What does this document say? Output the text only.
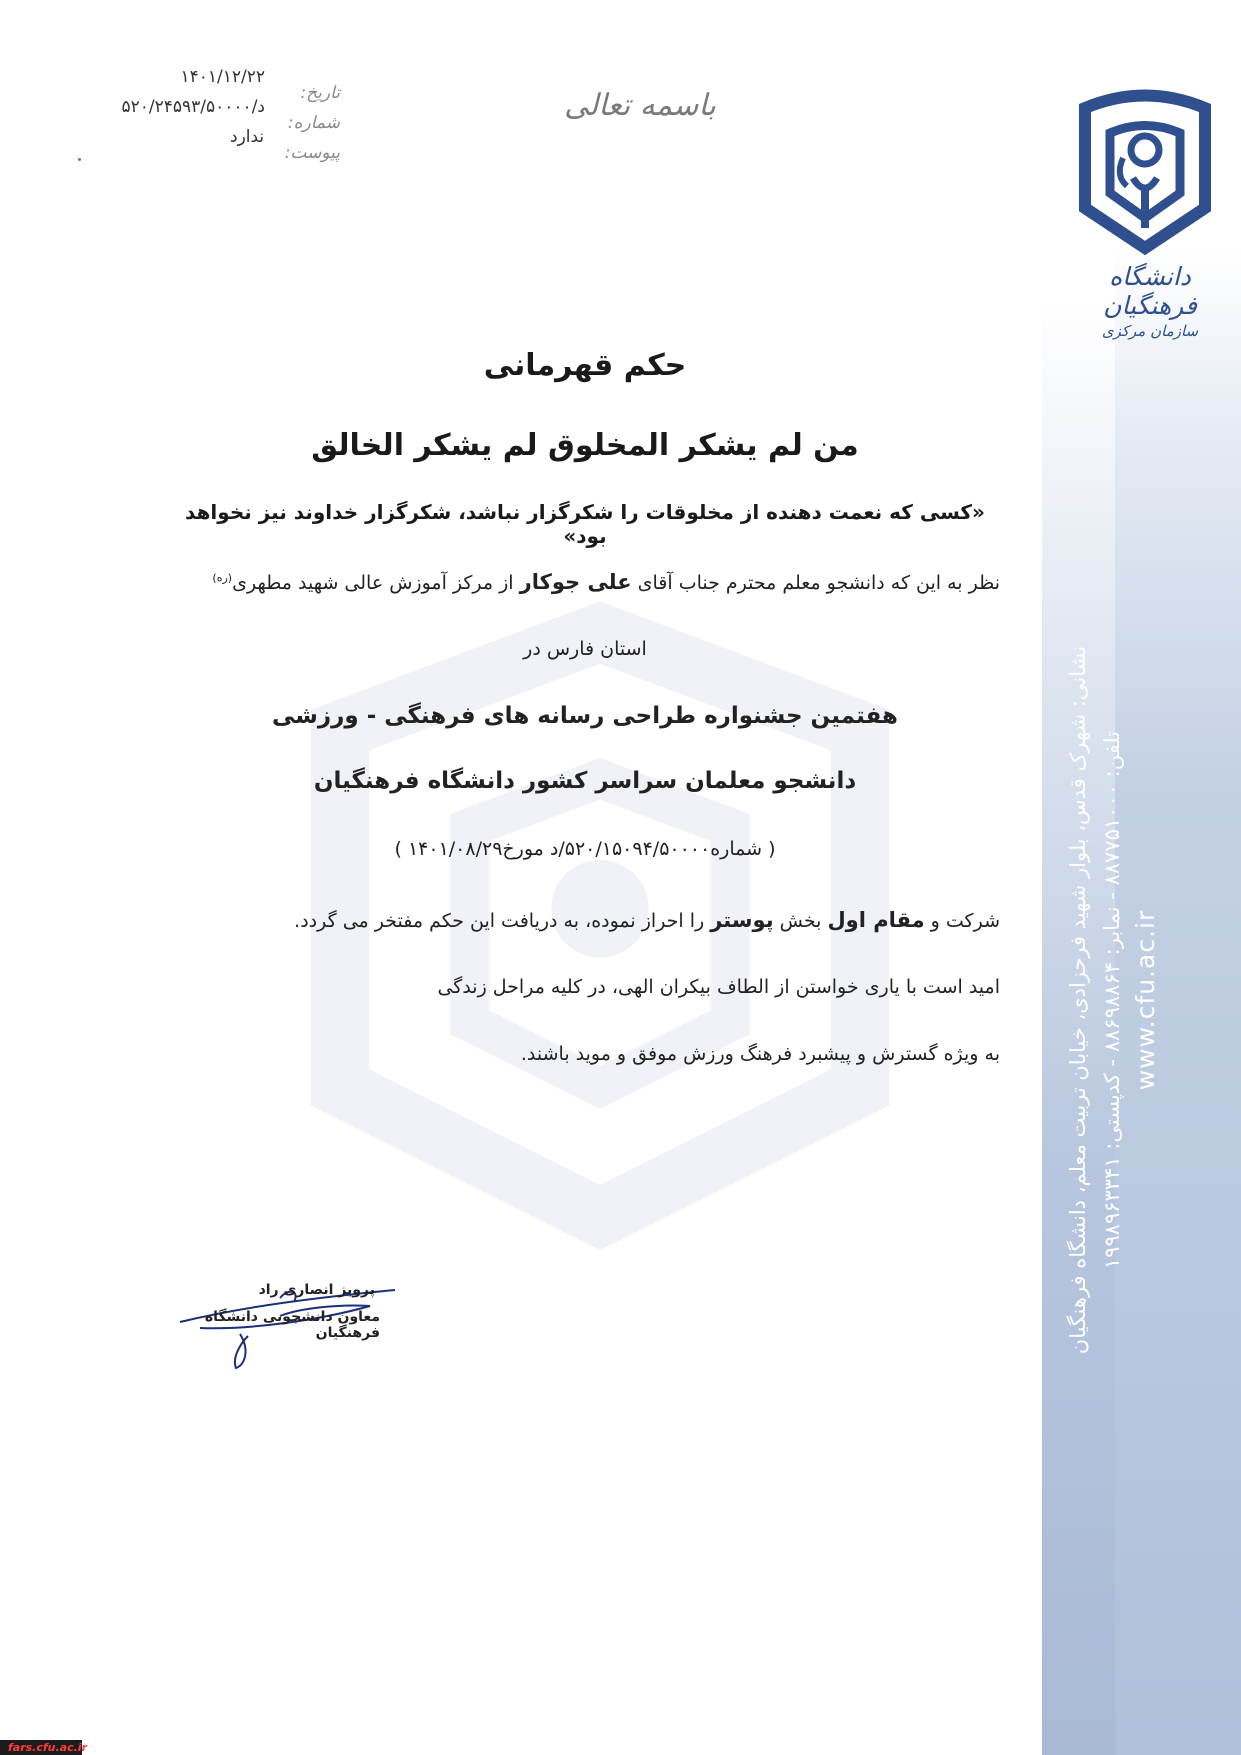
دانشگاه فرهنگیان
سازمان مرکزی
نشانی: شهرک قدس، بلوار شهید فرحزادی، خیابان تربیت معلم، دانشگاه فرهنگیان تلفن: ۸۸۷۷۵۱۰۰۰ - نمابر: ۸۸۶۹۸۸۶۴ - کدپستی: ۱۹۹۸۹۶۳۳۴۱
www.cfu.ac.ir
باسمه تعالی
تاریخ:
شماره:
پیوست:
۱۴۰۱/۱۲/۲۲
۵۲۰/۲۴۵۹۳/۵۰۰۰۰/د
ندارد
حکم قهرمانی
من لم یشکر المخلوق لم یشکر الخالق
«کسی که نعمت دهنده از مخلوقات را شکرگزار نباشد، شکرگزار خداوند نیز نخواهد بود»
نظر به این که دانشجو معلم محترم جناب آقای علی جوکار از مرکز آموزش عالی شهید مطهری$^{(ره)}$
استان فارس در
هفتمین جشنواره طراحی رسانه های فرهنگی - ورزشی
دانشجو معلمان سراسر کشور دانشگاه فرهنگیان
( شماره۵۲۰/۱۵۰۹۴/۵۰۰۰۰/د مورخ۱۴۰۱/۰۸/۲۹ )
شرکت و مقام اول بخش پوستر را احراز نموده، به دریافت این حکم مفتخر می گردد.
امید است با یاری خواستن از الطاف بیکران الهی، در کلیه مراحل زندگی
به ویژه گسترش و پیشبرد فرهنگ ورزش موفق و موید باشند.
پرویز انصاری راد
معاون دانشجویی دانشگاه فرهنگیان
fars.cfu.ac.ir
